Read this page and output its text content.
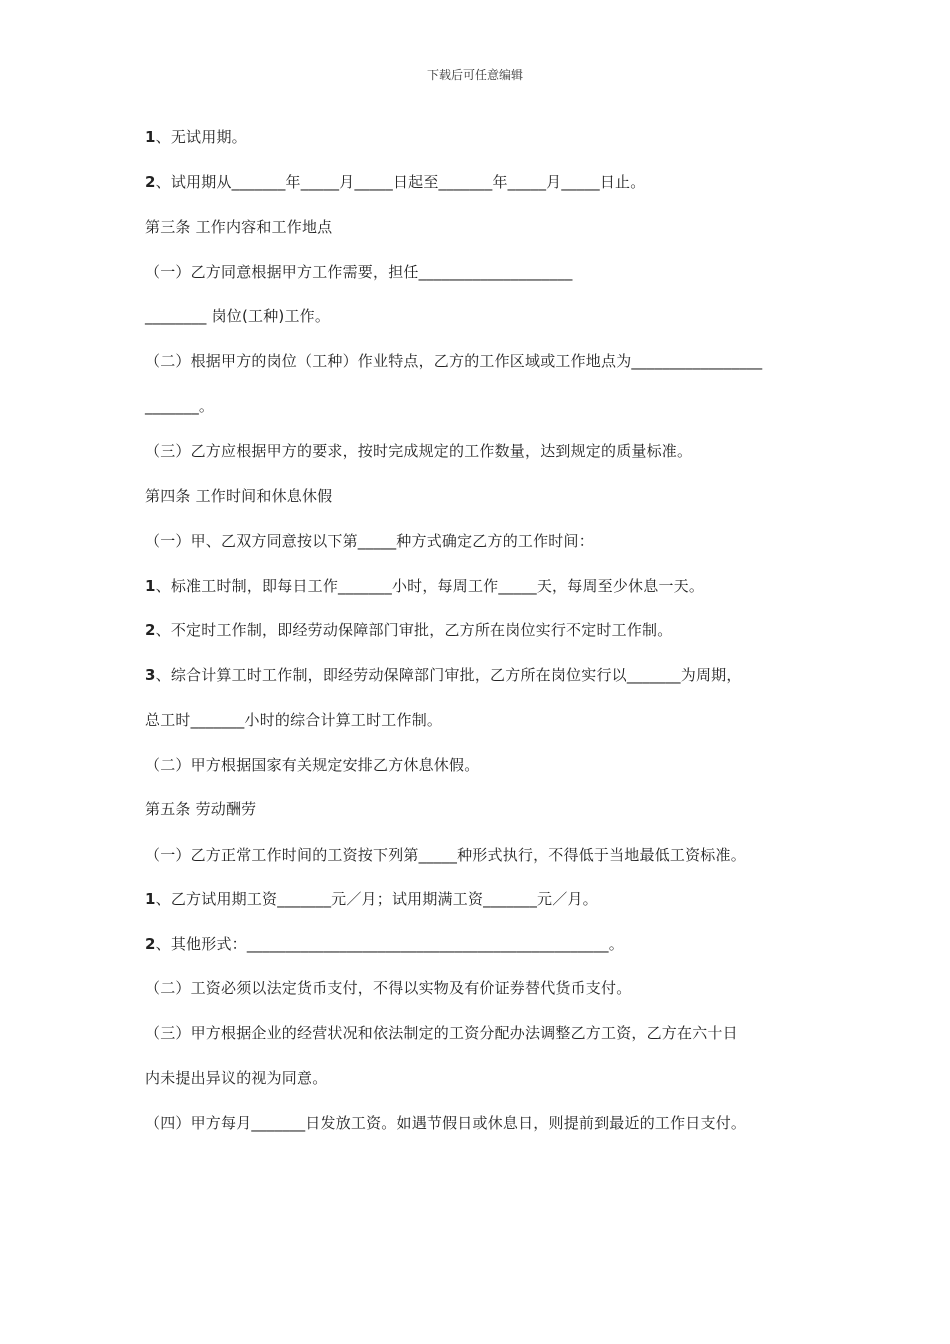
下载后可任意编辑
1、无试用期。
2、试用期从_______年_____月_____日起至_______年_____月_____日止。
第三条 工作内容和工作地点
（一）乙方同意根据甲方工作需要，担任____________________
________ 岗位(工种)工作。
（二）根据甲方的岗位（工种）作业特点，乙方的工作区域或工作地点为_________________
_______。
（三）乙方应根据甲方的要求，按时完成规定的工作数量，达到规定的质量标准。
第四条 工作时间和休息休假
（一）甲、乙双方同意按以下第_____种方式确定乙方的工作时间：
1、标准工时制，即每日工作_______小时，每周工作_____天，每周至少休息一天。
2、不定时工作制，即经劳动保障部门审批，乙方所在岗位实行不定时工作制。
3、综合计算工时工作制，即经劳动保障部门审批，乙方所在岗位实行以_______为周期，
总工时_______小时的综合计算工时工作制。
（二）甲方根据国家有关规定安排乙方休息休假。
第五条 劳动酬劳
（一）乙方正常工作时间的工资按下列第_____种形式执行，不得低于当地最低工资标准。
1、乙方试用期工资_______元／月；试用期满工资_______元／月。
2、其他形式：_______________________________________________。
（二）工资必须以法定货币支付，不得以实物及有价证券替代货币支付。
（三）甲方根据企业的经营状况和依法制定的工资分配办法调整乙方工资，乙方在六十日
内未提出异议的视为同意。
（四）甲方每月_______日发放工资。如遇节假日或休息日，则提前到最近的工作日支付。
